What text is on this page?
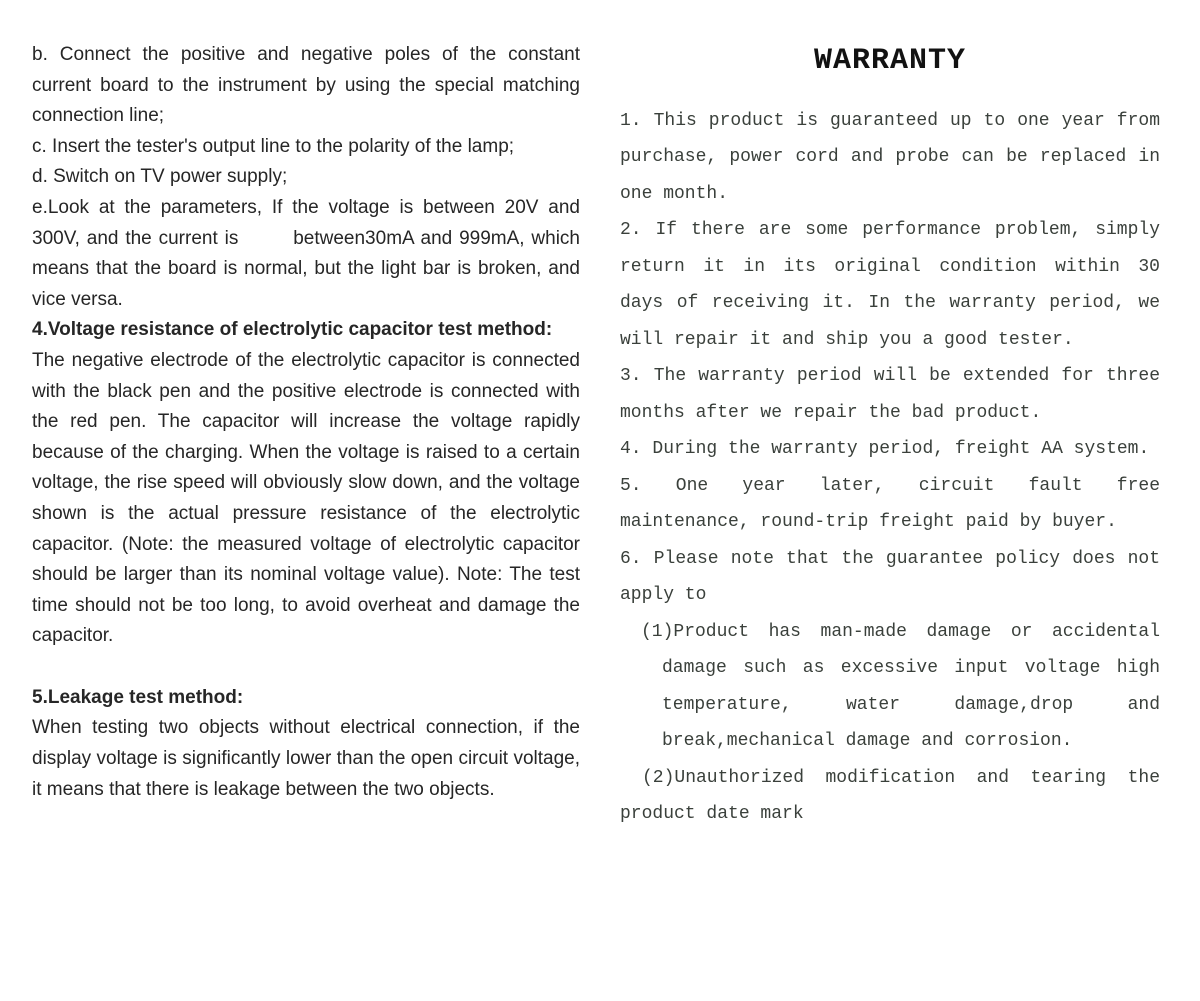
b. Connect the positive and negative poles of the constant current board to the instrument by using the special matching connection line;

c. Insert the tester's output line to the polarity of the lamp;

d. Switch on TV power supply;

e.Look at the parameters, If the voltage is between 20V and 300V, and the current is        between30mA and 999mA, which means that the board is normal, but the light bar is broken, and vice versa.

4.Voltage resistance of electrolytic capacitor test method:

The negative electrode of the electrolytic capacitor is connected with the black pen and the positive electrode is connected with the red pen. The capacitor will increase the voltage rapidly because of the charging. When the voltage is raised to a certain voltage, the rise speed will obviously slow down, and the voltage shown is the actual pressure resistance of the electrolytic capacitor. (Note: the measured voltage of electrolytic capacitor should be larger than its nominal voltage value). Note: The test time should not be too long, to avoid overheat and damage the capacitor.

5.Leakage test method:

When testing two objects without electrical connection, if the display voltage is significantly lower than the open circuit voltage, it means that there is leakage between the two objects.

WARRANTY

1. This product is guaranteed up to one year from purchase, power cord and probe can be replaced in one month.

2. If there are some performance problem, simply return it in its original condition within 30 days of receiving it. In the warranty period, we will repair it and ship you a good tester.

3. The warranty period will be extended for three months after we repair the bad product.

4. During the warranty period, freight AA system.

5. One year later, circuit fault free maintenance, round-trip freight paid by buyer.

6. Please note that the guarantee policy does not apply to

(1)Product has man-made damage or accidental damage such as excessive input voltage high temperature, water damage,drop and break,mechanical damage and corrosion.

(2)Unauthorized modification and tearing the product date mark
